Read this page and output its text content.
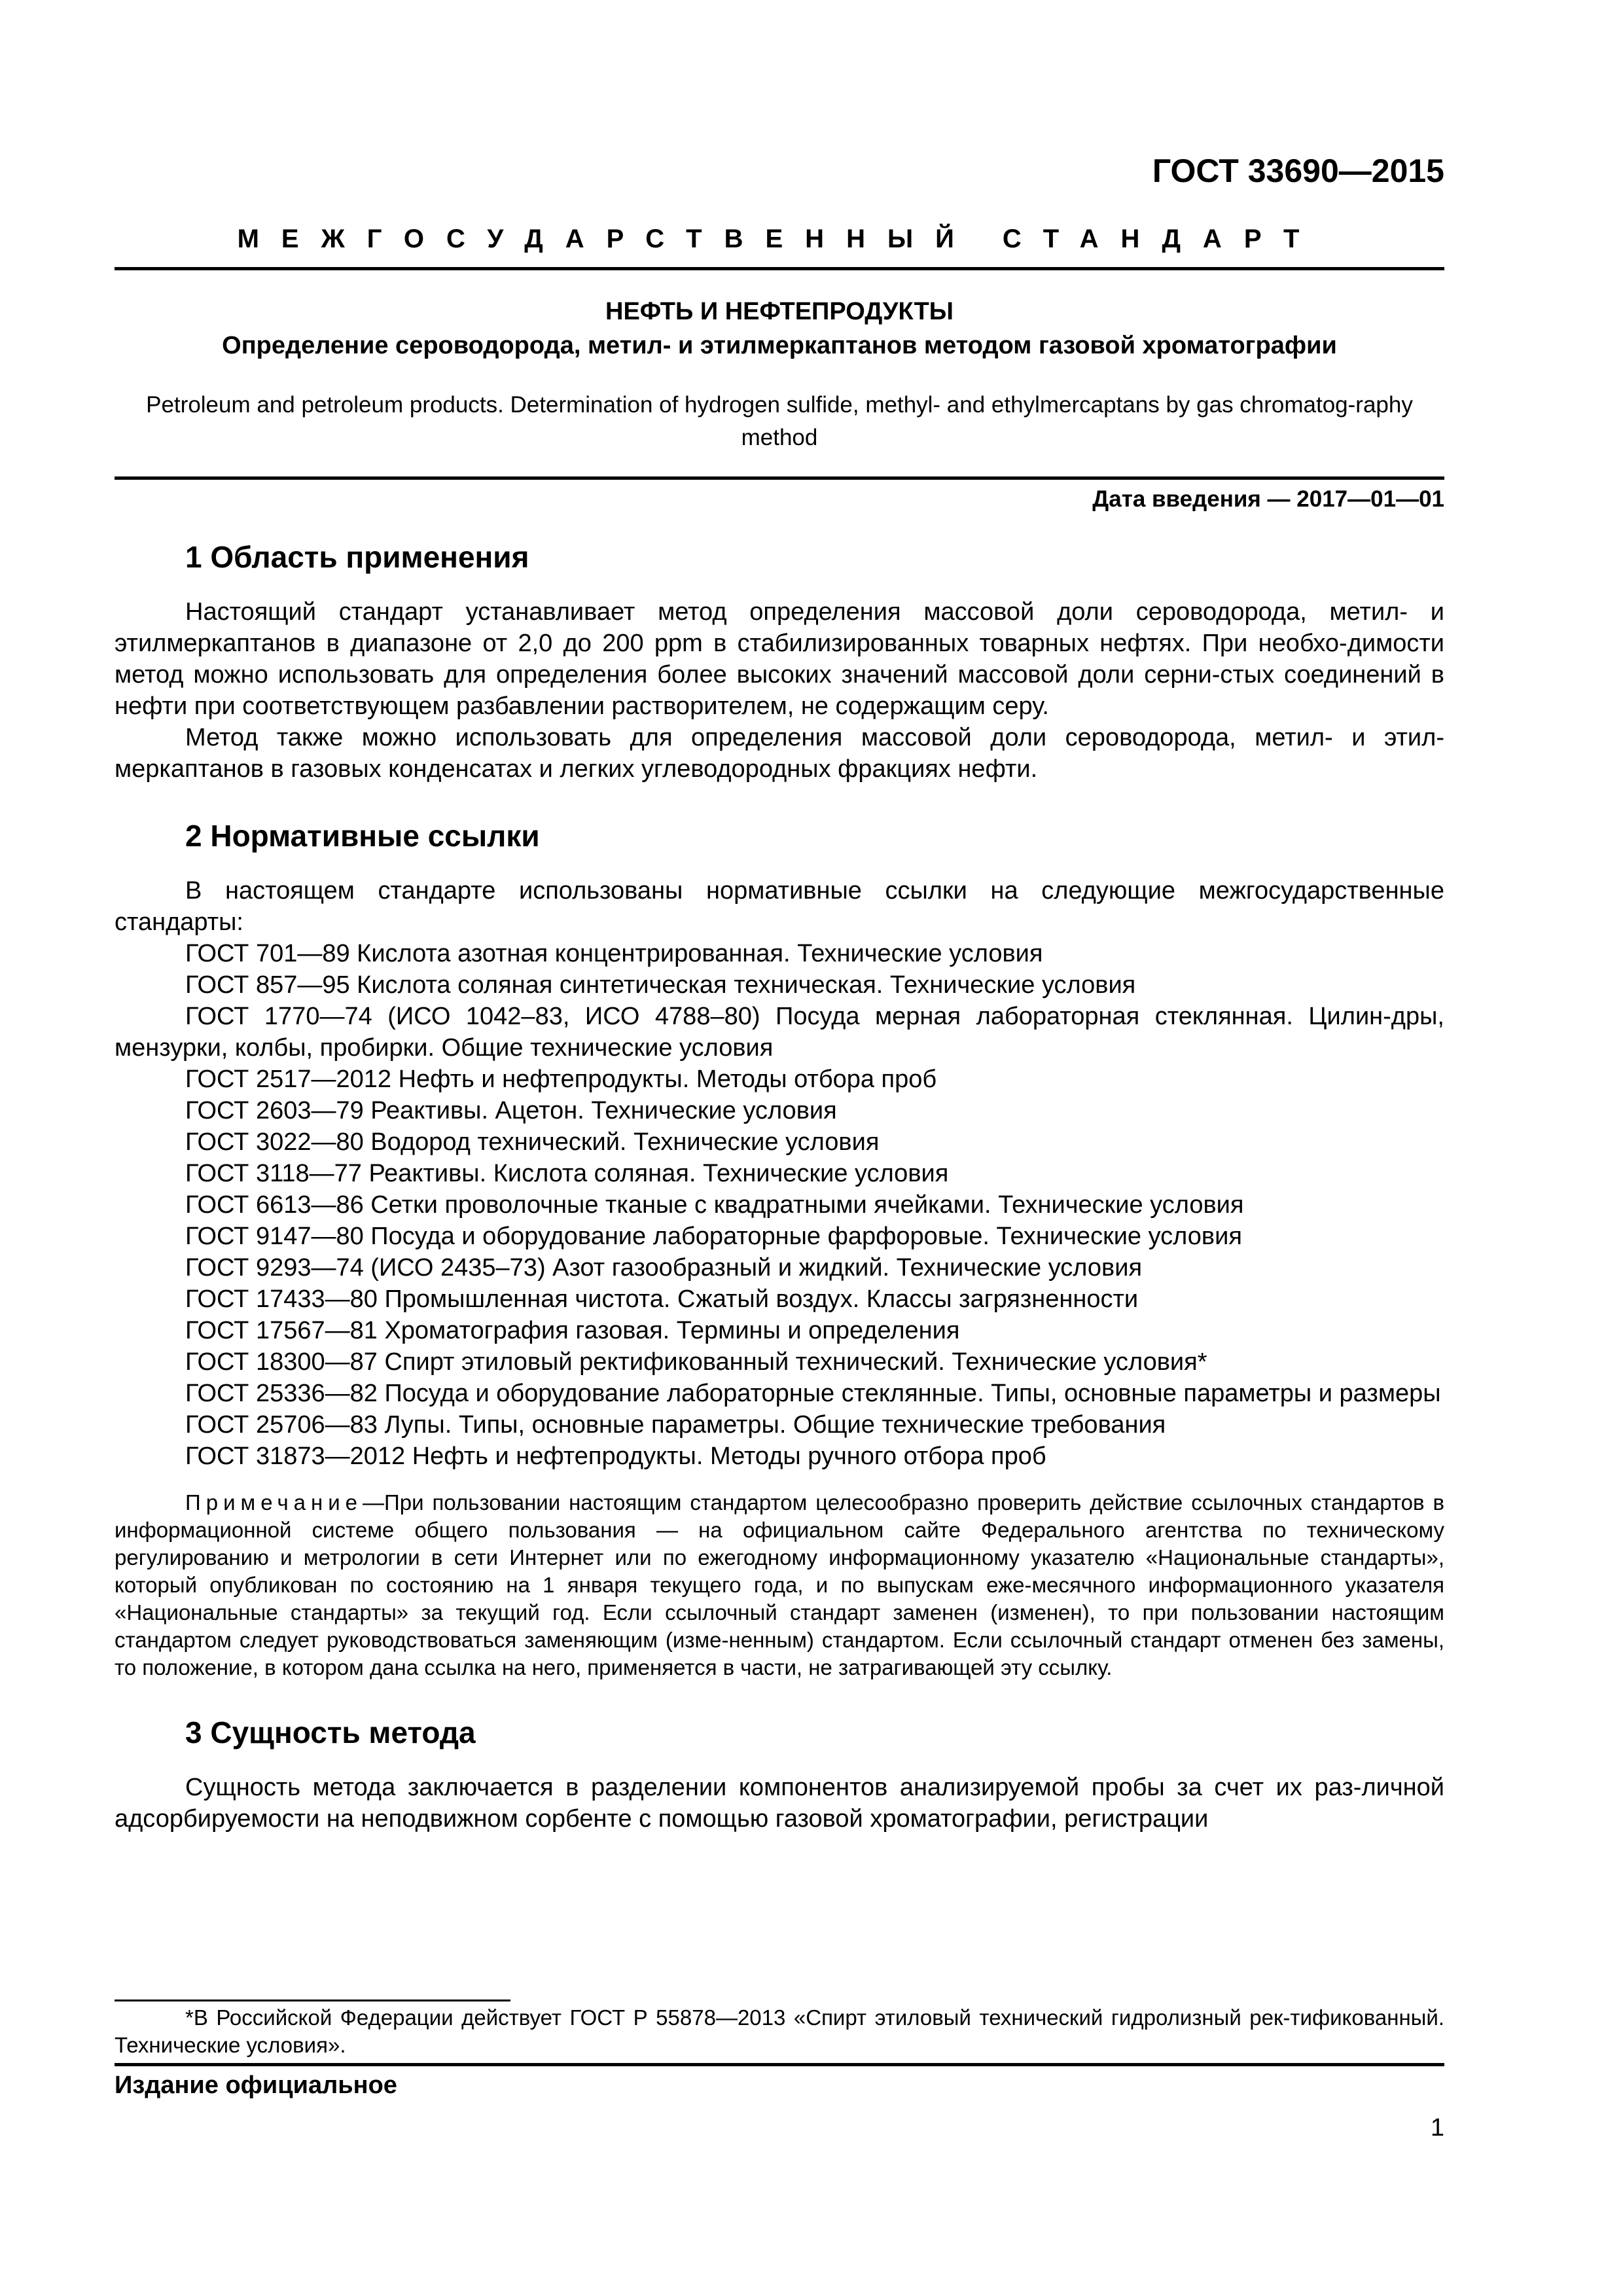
ГОСТ 33690—2015

МЕЖГОСУДАРСТВЕННЫЙ СТАНДАРТ

НЕФТЬ И НЕФТЕПРОДУКТЫ

Определение сероводорода, метил- и этилмеркаптанов методом газовой хроматографии

Petroleum and petroleum products. Determination of hydrogen sulfide, methyl- and ethylmercaptans by gas chromatog-raphy method

Дата введения — 2017—01—01

1 Область применения

Настоящий стандарт устанавливает метод определения массовой доли сероводорода, метил- и этилмеркаптанов в диапазоне от 2,0 до 200 ppm в стабилизированных товарных нефтях. При необхо-димости метод можно использовать для определения более высоких значений массовой доли серни-стых соединений в нефти при соответствующем разбавлении растворителем, не содержащим серу.

Метод также можно использовать для определения массовой доли сероводорода, метил- и этил-меркаптанов в газовых конденсатах и легких углеводородных фракциях нефти.

2 Нормативные ссылки

В настоящем стандарте использованы нормативные ссылки на следующие межгосударственные стандарты:

ГОСТ 701—89 Кислота азотная концентрированная. Технические условия
ГОСТ 857—95 Кислота соляная синтетическая техническая. Технические условия
ГОСТ 1770—74 (ИСО 1042–83, ИСО 4788–80) Посуда мерная лабораторная стеклянная. Цилин-дры, мензурки, колбы, пробирки. Общие технические условия
ГОСТ 2517—2012 Нефть и нефтепродукты. Методы отбора проб
ГОСТ 2603—79 Реактивы. Ацетон. Технические условия
ГОСТ 3022—80 Водород технический. Технические условия
ГОСТ 3118—77 Реактивы. Кислота соляная. Технические условия
ГОСТ 6613—86 Сетки проволочные тканые с квадратными ячейками. Технические условия
ГОСТ 9147—80 Посуда и оборудование лабораторные фарфоровые. Технические условия
ГОСТ 9293—74 (ИСО 2435–73) Азот газообразный и жидкий. Технические условия
ГОСТ 17433—80 Промышленная чистота. Сжатый воздух. Классы загрязненности
ГОСТ 17567—81 Хроматография газовая. Термины и определения
ГОСТ 18300—87 Спирт этиловый ректификованный технический. Технические условия*
ГОСТ 25336—82 Посуда и оборудование лабораторные стеклянные. Типы, основные параметры и размеры
ГОСТ 25706—83 Лупы. Типы, основные параметры. Общие технические требования
ГОСТ 31873—2012 Нефть и нефтепродукты. Методы ручного отбора проб

Примечание—При пользовании настоящим стандартом целесообразно проверить действие ссылочных стандартов в информационной системе общего пользования — на официальном сайте Федерального агентства по техническому регулированию и метрологии в сети Интернет или по ежегодному информационному указателю «Национальные стандарты», который опубликован по состоянию на 1 января текущего года, и по выпускам еже-месячного информационного указателя «Национальные стандарты» за текущий год. Если ссылочный стандарт заменен (изменен), то при пользовании настоящим стандартом следует руководствоваться заменяющим (изме-ненным) стандартом. Если ссылочный стандарт отменен без замены, то положение, в котором дана ссылка на него, применяется в части, не затрагивающей эту ссылку.

3 Сущность метода

Сущность метода заключается в разделении компонентов анализируемой пробы за счет их раз-личной адсорбируемости на неподвижном сорбенте с помощью газовой хроматографии, регистрации

*В Российской Федерации действует ГОСТ Р 55878—2013 «Спирт этиловый технический гидролизный рек-тификованный. Технические условия».

Издание официальное

1
